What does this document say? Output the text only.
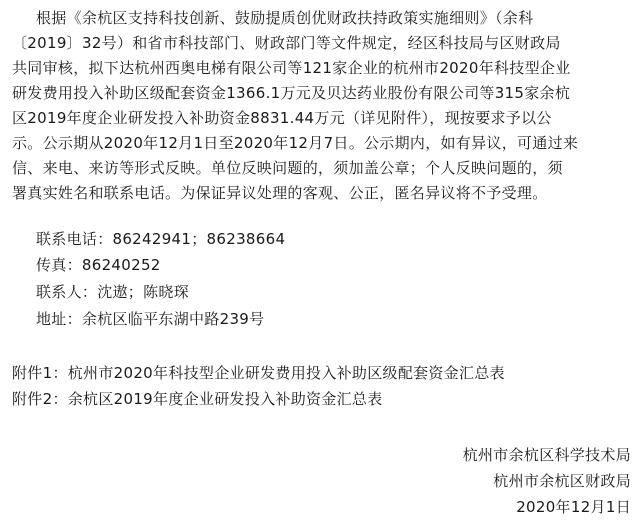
根据《余杭区支持科技创新、鼓励提质创优财政扶持政策实施细则》（余科
〔2019〕32号）和省市科技部门、财政部门等文件规定，经区科技局与区财政局
共同审核，拟下达杭州西奥电梯有限公司等121家企业的杭州市2020年科技型企业
研发费用投入补助区级配套资金1366.1万元及贝达药业股份有限公司等315家余杭
区2019年度企业研发投入补助资金8831.44万元（详见附件），现按要求予以公
示。公示期从2020年12月1日至2020年12月7日。公示期内，如有异议，可通过来
信、来电、来访等形式反映。单位反映问题的，须加盖公章；个人反映问题的，须
署真实姓名和联系电话。为保证异议处理的客观、公正，匿名异议将不予受理。
联系电话：86242941；86238664
传真：86240252
联系人：沈遨；陈晓琛
地址：余杭区临平东湖中路239号
附件1：杭州市2020年科技型企业研发费用投入补助区级配套资金汇总表
附件2：余杭区2019年度企业研发投入补助资金汇总表
杭州市余杭区科学技术局
杭州市余杭区财政局
2020年12月1日
